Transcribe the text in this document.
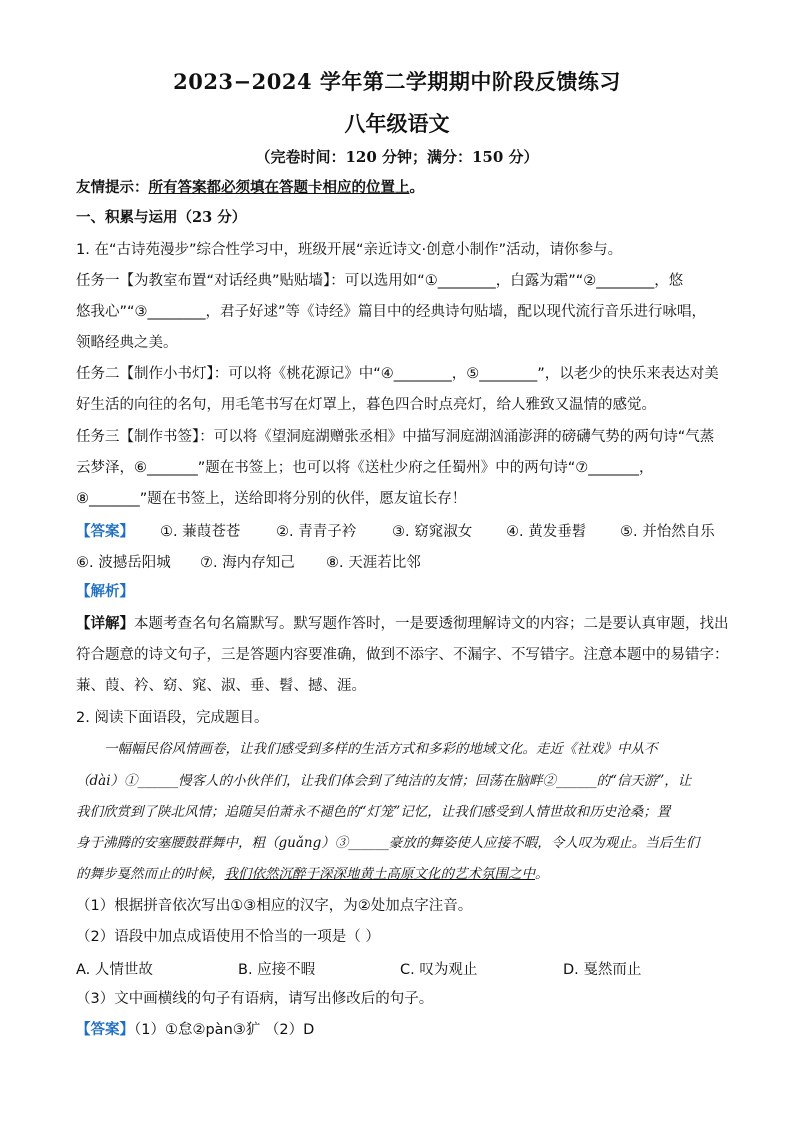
2023−2024 学年第二学期期中阶段反馈练习
八年级语文
（完卷时间：120 分钟；满分：150 分）
友情提示：所有答案都必须填在答题卡相应的位置上。
一、积累与运用（23 分）
1. 在“古诗苑漫步”综合性学习中，班级开展“亲近诗文·创意小制作”活动，请你参与。
任务一【为教室布置“对话经典”贴贴墙】：可以选用如“①________，白露为霜”“②________，悠
悠我心”“③________，君子好逑”等《诗经》篇目中的经典诗句贴墙，配以现代流行音乐进行咏唱，
领略经典之美。
任务二【制作小书灯】：可以将《桃花源记》中“④________，⑤________”，以老少的快乐来表达对美
好生活的向往的名句，用毛笔书写在灯罩上，暮色四合时点亮灯，给人雅致又温情的感觉。
任务三【制作书签】：可以将《望洞庭湖赠张丞相》中描写洞庭湖汹涌澎湃的磅礴气势的两句诗“气蒸
云梦泽，⑥_______”题在书签上；也可以将《送杜少府之任蜀州》中的两句诗“⑦_______，
⑧_______”题在书签上，送给即将分别的伙伴，愿友谊长存！
【答案】 ①. 蒹葭苍苍 ②. 青青子衿 ③. 窈窕淑女 ④. 黄发垂髫 ⑤. 并怡然自乐
⑥. 波撼岳阳城 ⑦. 海内存知己 ⑧. 天涯若比邻
【解析】
【详解】本题考查名句名篇默写。默写题作答时，一是要透彻理解诗文的内容；二是要认真审题，找出
符合题意的诗文句子，三是答题内容要准确，做到不添字、不漏字、不写错字。注意本题中的易错字：
蒹、葭、衿、窈、窕、淑、垂、髫、撼、涯。
2. 阅读下面语段，完成题目。
一幅幅民俗风情画卷，让我们感受到多样的生活方式和多彩的地域文化。走近《社戏》中从不
（dài）①______慢客人的小伙伴们，让我们体会到了纯洁的友情；回荡在脑畔②______的“信天游”，让
我们欣赏到了陕北风情；追随吴伯萧永不褪色的“灯笼”记忆，让我们感受到人情世故和历史沧桑；置
身于沸腾的安塞腰鼓群舞中，粗（guǎng）③______豪放的舞姿使人应接不暇，令人叹为观止。当后生们
的舞步戛然而止的时候，我们依然沉醉于深深地黄土高原文化的艺术氛围之中。
（1）根据拼音依次写出①③相应的汉字，为②处加点字注音。
（2）语段中加点成语使用不恰当的一项是（ ）
A. 人情世故	B. 应接不暇	C. 叹为观止	D. 戛然而止
（3）文中画横线的句子有语病，请写出修改后的句子。
【答案】（1）①怠②pàn③犷 （2）D
